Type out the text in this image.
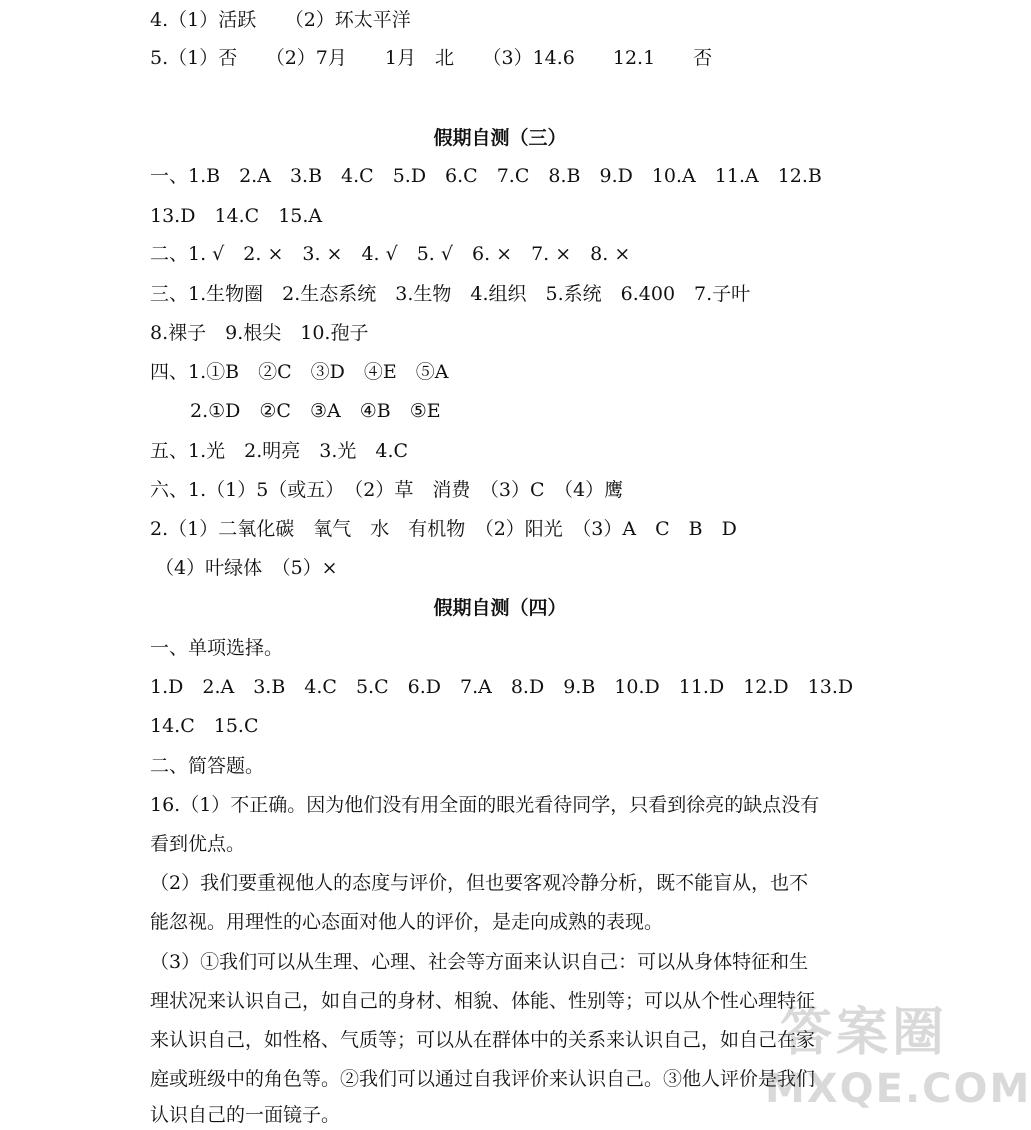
4.（1）活跃　　（2）环太平洋
5.（1）否　　（2）7月　　1月　北　　（3）14.6　　12.1　　否
假期自测（三）
一、1.B　2.A　3.B　4.C　5.D　6.C　7.C　8.B　9.D　10.A　11.A　12.B
13.D　14.C　15.A
二、1. √　2. ×　3. ×　4. √　5. √　6. ×　7. ×　8. ×
三、1.生物圈　2.生态系统　3.生物　4.组织　5.系统　6.400　7.子叶
8.裸子　9.根尖　10.孢子
四、1.①B　②C　③D　④E　⑤A
2.①D　②C　③A　④B　⑤E
五、1.光　2.明亮　3.光　4.C
六、1.（1）5（或五）　（2）草　消费　（3）C　（4）鹰
2.（1）二氧化碳　氧气　水　有机物　（2）阳光　（3）A　C　B　D
（4）叶绿体　（5）×
假期自测（四）
一、单项选择。
1.D　2.A　3.B　4.C　5.C　6.D　7.A　8.D　9.B　10.D　11.D　12.D　13.D
14.C　15.C
二、简答题。
16.（1）不正确。因为他们没有用全面的眼光看待同学，只看到徐亮的缺点没有
看到优点。
（2）我们要重视他人的态度与评价，但也要客观冷静分析，既不能盲从，也不
能忽视。用理性的心态面对他人的评价，是走向成熟的表现。
（3）①我们可以从生理、心理、社会等方面来认识自己：可以从身体特征和生
理状况来认识自己，如自己的身材、相貌、体能、性别等；可以从个性心理特征
来认识自己，如性格、气质等；可以从在群体中的关系来认识自己，如自己在家
庭或班级中的角色等。②我们可以通过自我评价来认识自己。③他人评价是我们
认识自己的一面镜子。
答案圈
MXQE.COM
